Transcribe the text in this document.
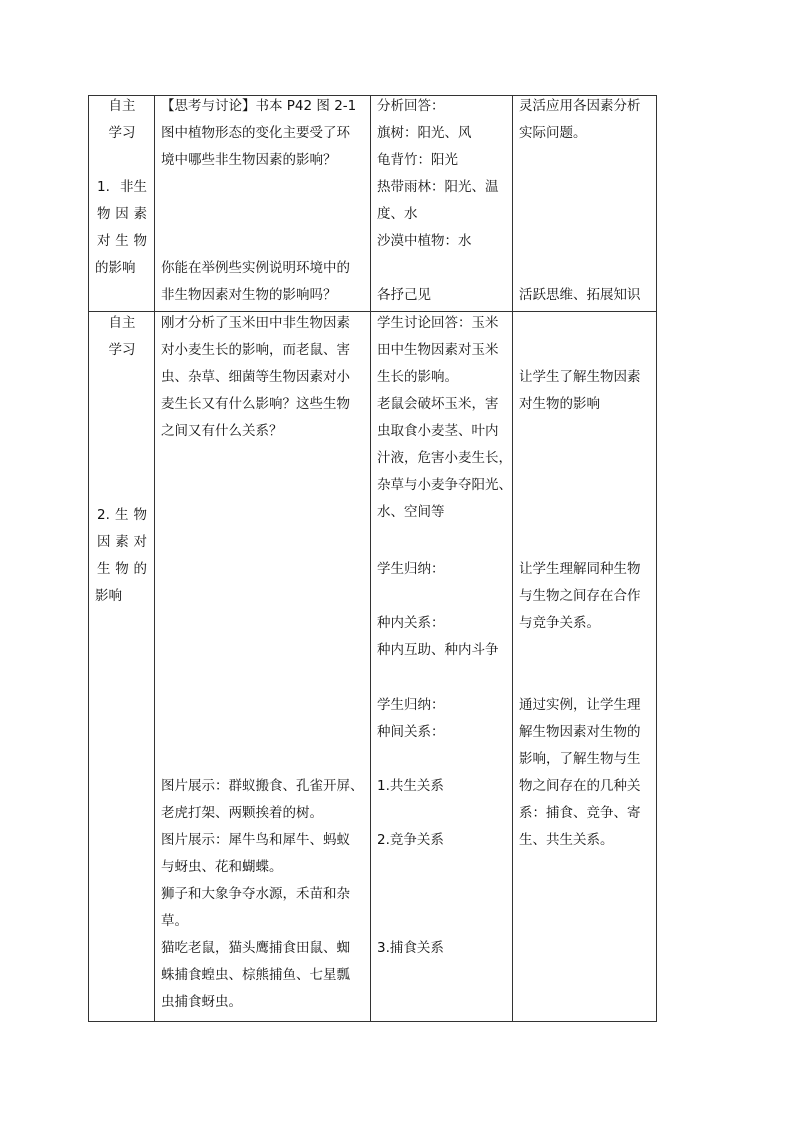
自主
学习
1. 非生
物 因 素
对 生 物
的影响
【思考与讨论】书本 P42 图 2-1
图中植物形态的变化主要受了环
境中哪些非生物因素的影响？
你能在举例些实例说明环境中的
非生物因素对生物的影响吗？
分析回答：
旗树：阳光、风
龟背竹：阳光
热带雨林：阳光、温
度、水
沙漠中植物：水
各抒己见
灵活应用各因素分析
实际问题。
活跃思维、拓展知识
自主
学习
2. 生 物
因 素 对
生 物 的
影响
刚才分析了玉米田中非生物因素
对小麦生长的影响，而老鼠、害
虫、杂草、细菌等生物因素对小
麦生长又有什么影响？这些生物
之间又有什么关系？
图片展示：群蚁搬食、孔雀开屏、
老虎打架、两颗挨着的树。
图片展示：犀牛鸟和犀牛、蚂蚁
与蚜虫、花和蝴蝶。
狮子和大象争夺水源，禾苗和杂
草。
猫吃老鼠，猫头鹰捕食田鼠、蜘
蛛捕食蝗虫、棕熊捕鱼、七星瓢
虫捕食蚜虫。
学生讨论回答：玉米
田中生物因素对玉米
生长的影响。
老鼠会破坏玉米，害
虫取食小麦茎、叶内
汁液，危害小麦生长，
杂草与小麦争夺阳光、
水、空间等
学生归纳：
种内关系：
种内互助、种内斗争
学生归纳：
种间关系：
1.共生关系
2.竞争关系
3.捕食关系
让学生了解生物因素
对生物的影响
让学生理解同种生物
与生物之间存在合作
与竞争关系。
通过实例，让学生理
解生物因素对生物的
影响，了解生物与生
物之间存在的几种关
系：捕食、竞争、寄
生、共生关系。
